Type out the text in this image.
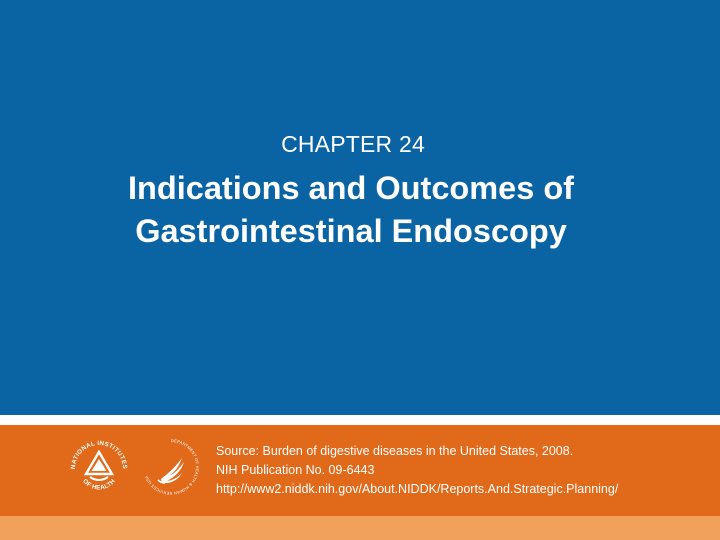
CHAPTER 24
Indications and Outcomes of
Gastrointestinal Endoscopy
NATIONAL INSTITUTES
OF HEALTH
DEPARTMENT OF HEALTH & HUMAN SERVICES USA
Source: Burden of digestive diseases in the United States, 2008.
NIH Publication No. 09-6443
http://www2.niddk.nih.gov/About.NIDDK/Reports.And.Strategic.Planning/
